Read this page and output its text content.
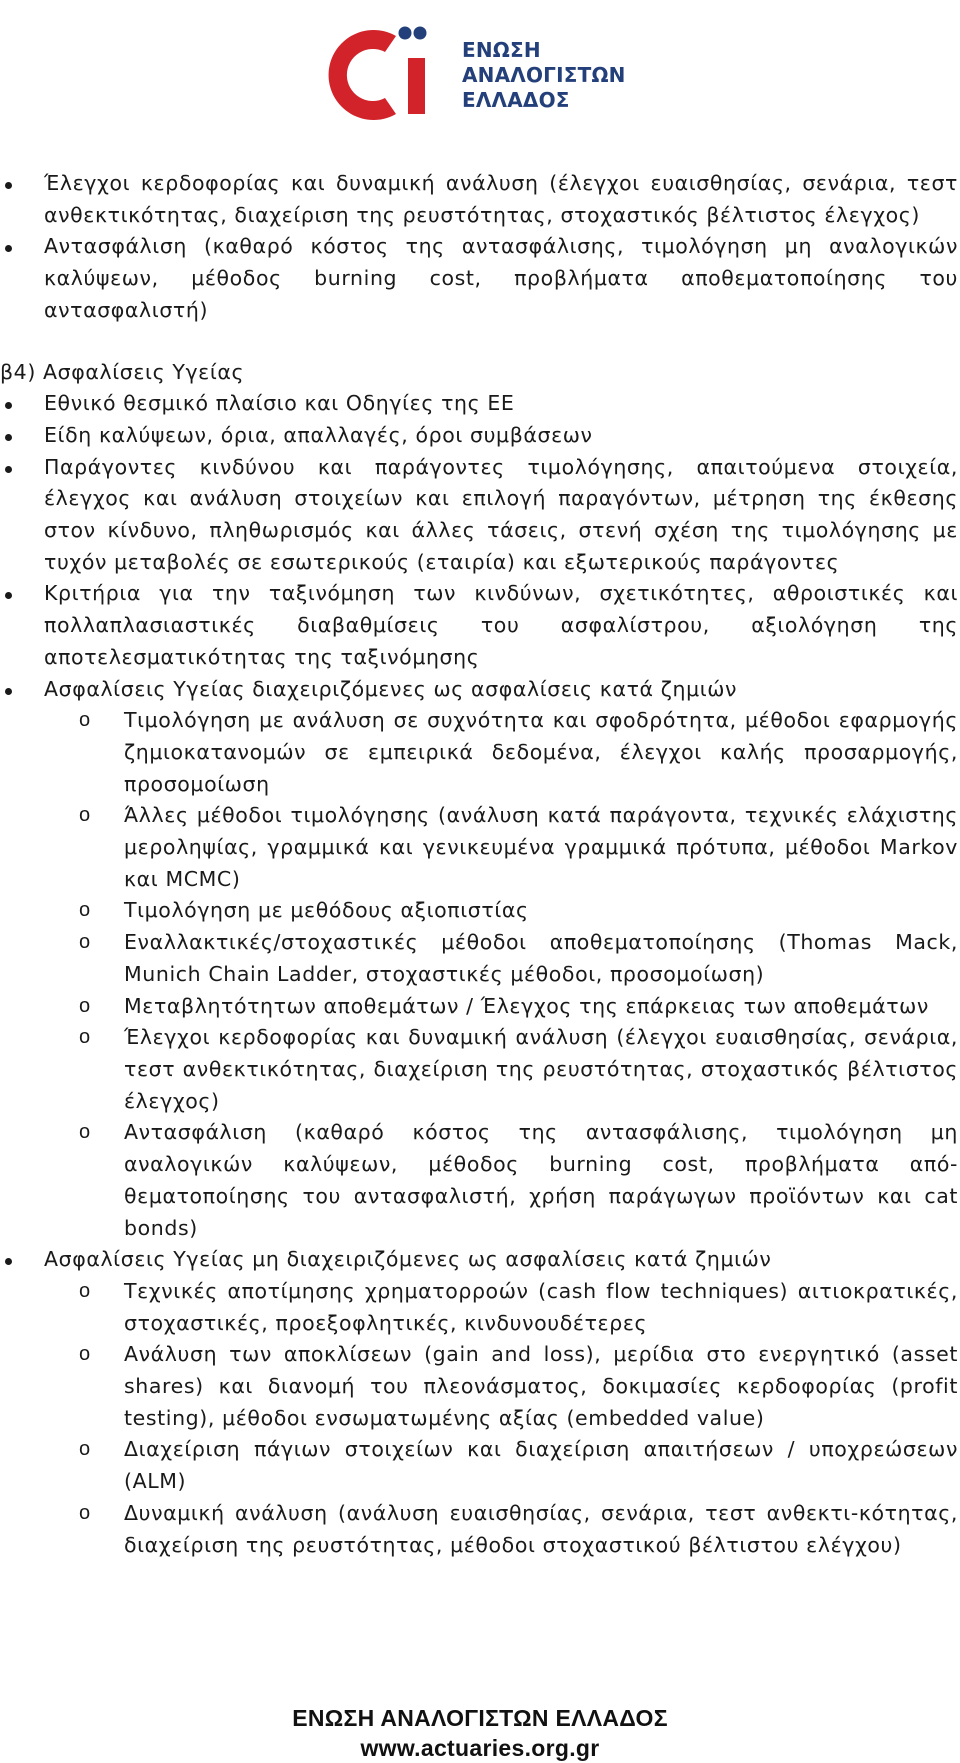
ΕΝΩΣΗ
ΑΝΑΛΟΓΙΣΤΩΝ
ΕΛΛΑΔΟΣ
Έλεγχοι κερδοφορίας και δυναμική ανάλυση (έλεγχοι ευαισθησίας, σενάρια, τεστ ανθεκτικότητας, διαχείριση της ρευστότητας, στοχαστικός βέλτιστος έλεγχος)
Αντασφάλιση (καθαρό κόστος της αντασφάλισης, τιμολόγηση μη αναλογικών καλύψεων, μέθοδος burning cost, προβλήματα αποθεματοποίησης του αντασφαλιστή)
β4) Ασφαλίσεις Υγείας
Εθνικό θεσμικό πλαίσιο και Οδηγίες της ΕΕ
Είδη καλύψεων, όρια, απαλλαγές, όροι συμβάσεων
Παράγοντες κινδύνου και παράγοντες τιμολόγησης, απαιτούμενα στοιχεία, έλεγχος και ανάλυση στοιχείων και επιλογή παραγόντων, μέτρηση της έκθεσης στον κίνδυνο, πληθωρισμός και άλλες τάσεις, στενή σχέση της τιμολόγησης με τυχόν μεταβολές σε εσωτερικούς (εταιρία) και εξωτερικούς παράγοντες
Κριτήρια για την ταξινόμηση των κινδύνων, σχετικότητες, αθροιστικές και πολλαπλασιαστικές διαβαθμίσεις του ασφαλίστρου, αξιολόγηση της αποτελεσματικότητας της ταξινόμησης
Ασφαλίσεις Υγείας διαχειριζόμενες ως ασφαλίσεις κατά ζημιών
o Τιμολόγηση με ανάλυση σε συχνότητα και σφοδρότητα, μέθοδοι εφαρμογής ζημιοκατανομών σε εμπειρικά δεδομένα, έλεγχοι καλής προσαρμογής, προσομοίωση
o Άλλες μέθοδοι τιμολόγησης (ανάλυση κατά παράγοντα, τεχνικές ελάχιστης μεροληψίας, γραμμικά και γενικευμένα γραμμικά πρότυπα, μέθοδοι Markov και MCMC)
o Τιμολόγηση με μεθόδους αξιοπιστίας
o Εναλλακτικές/στοχαστικές μέθοδοι αποθεματοποίησης (Thomas Mack, Munich Chain Ladder, στοχαστικές μέθοδοι, προσομοίωση)
o Μεταβλητότητων αποθεμάτων / Έλεγχος της επάρκειας των αποθεμάτων
o Έλεγχοι κερδοφορίας και δυναμική ανάλυση (έλεγχοι ευαισθησίας, σενάρια, τεστ ανθεκτικότητας, διαχείριση της ρευστότητας, στοχαστικός βέλτιστος έλεγχος)
o Αντασφάλιση (καθαρό κόστος της αντασφάλισης, τιμολόγηση μη αναλογικών καλύψεων, μέθοδος burning cost, προβλήματα από-θεματοποίησης του αντασφαλιστή, χρήση παράγωγων προϊόντων και cat bonds)
Ασφαλίσεις Υγείας μη διαχειριζόμενες ως ασφαλίσεις κατά ζημιών
o Τεχνικές αποτίμησης χρηματορροών (cash flow techniques) αιτιοκρατικές, στοχαστικές, προεξοφλητικές, κινδυνουδέτερες
o Ανάλυση των αποκλίσεων (gain and loss), μερίδια στο ενεργητικό (asset shares) και διανομή του πλεονάσματος, δοκιμασίες κερδοφορίας (profit testing), μέθοδοι ενσωματωμένης αξίας (embedded value)
o Διαχείριση πάγιων στοιχείων και διαχείριση απαιτήσεων / υποχρεώσεων (ALM)
o Δυναμική ανάλυση (ανάλυση ευαισθησίας, σενάρια, τεστ ανθεκτι-κότητας, διαχείριση της ρευστότητας, μέθοδοι στοχαστικού βέλτιστου ελέγχου)
ΕΝΩΣΗ ΑΝΑΛΟΓΙΣΤΩΝ ΕΛΛΑΔΟΣ
www.actuaries.org.gr
